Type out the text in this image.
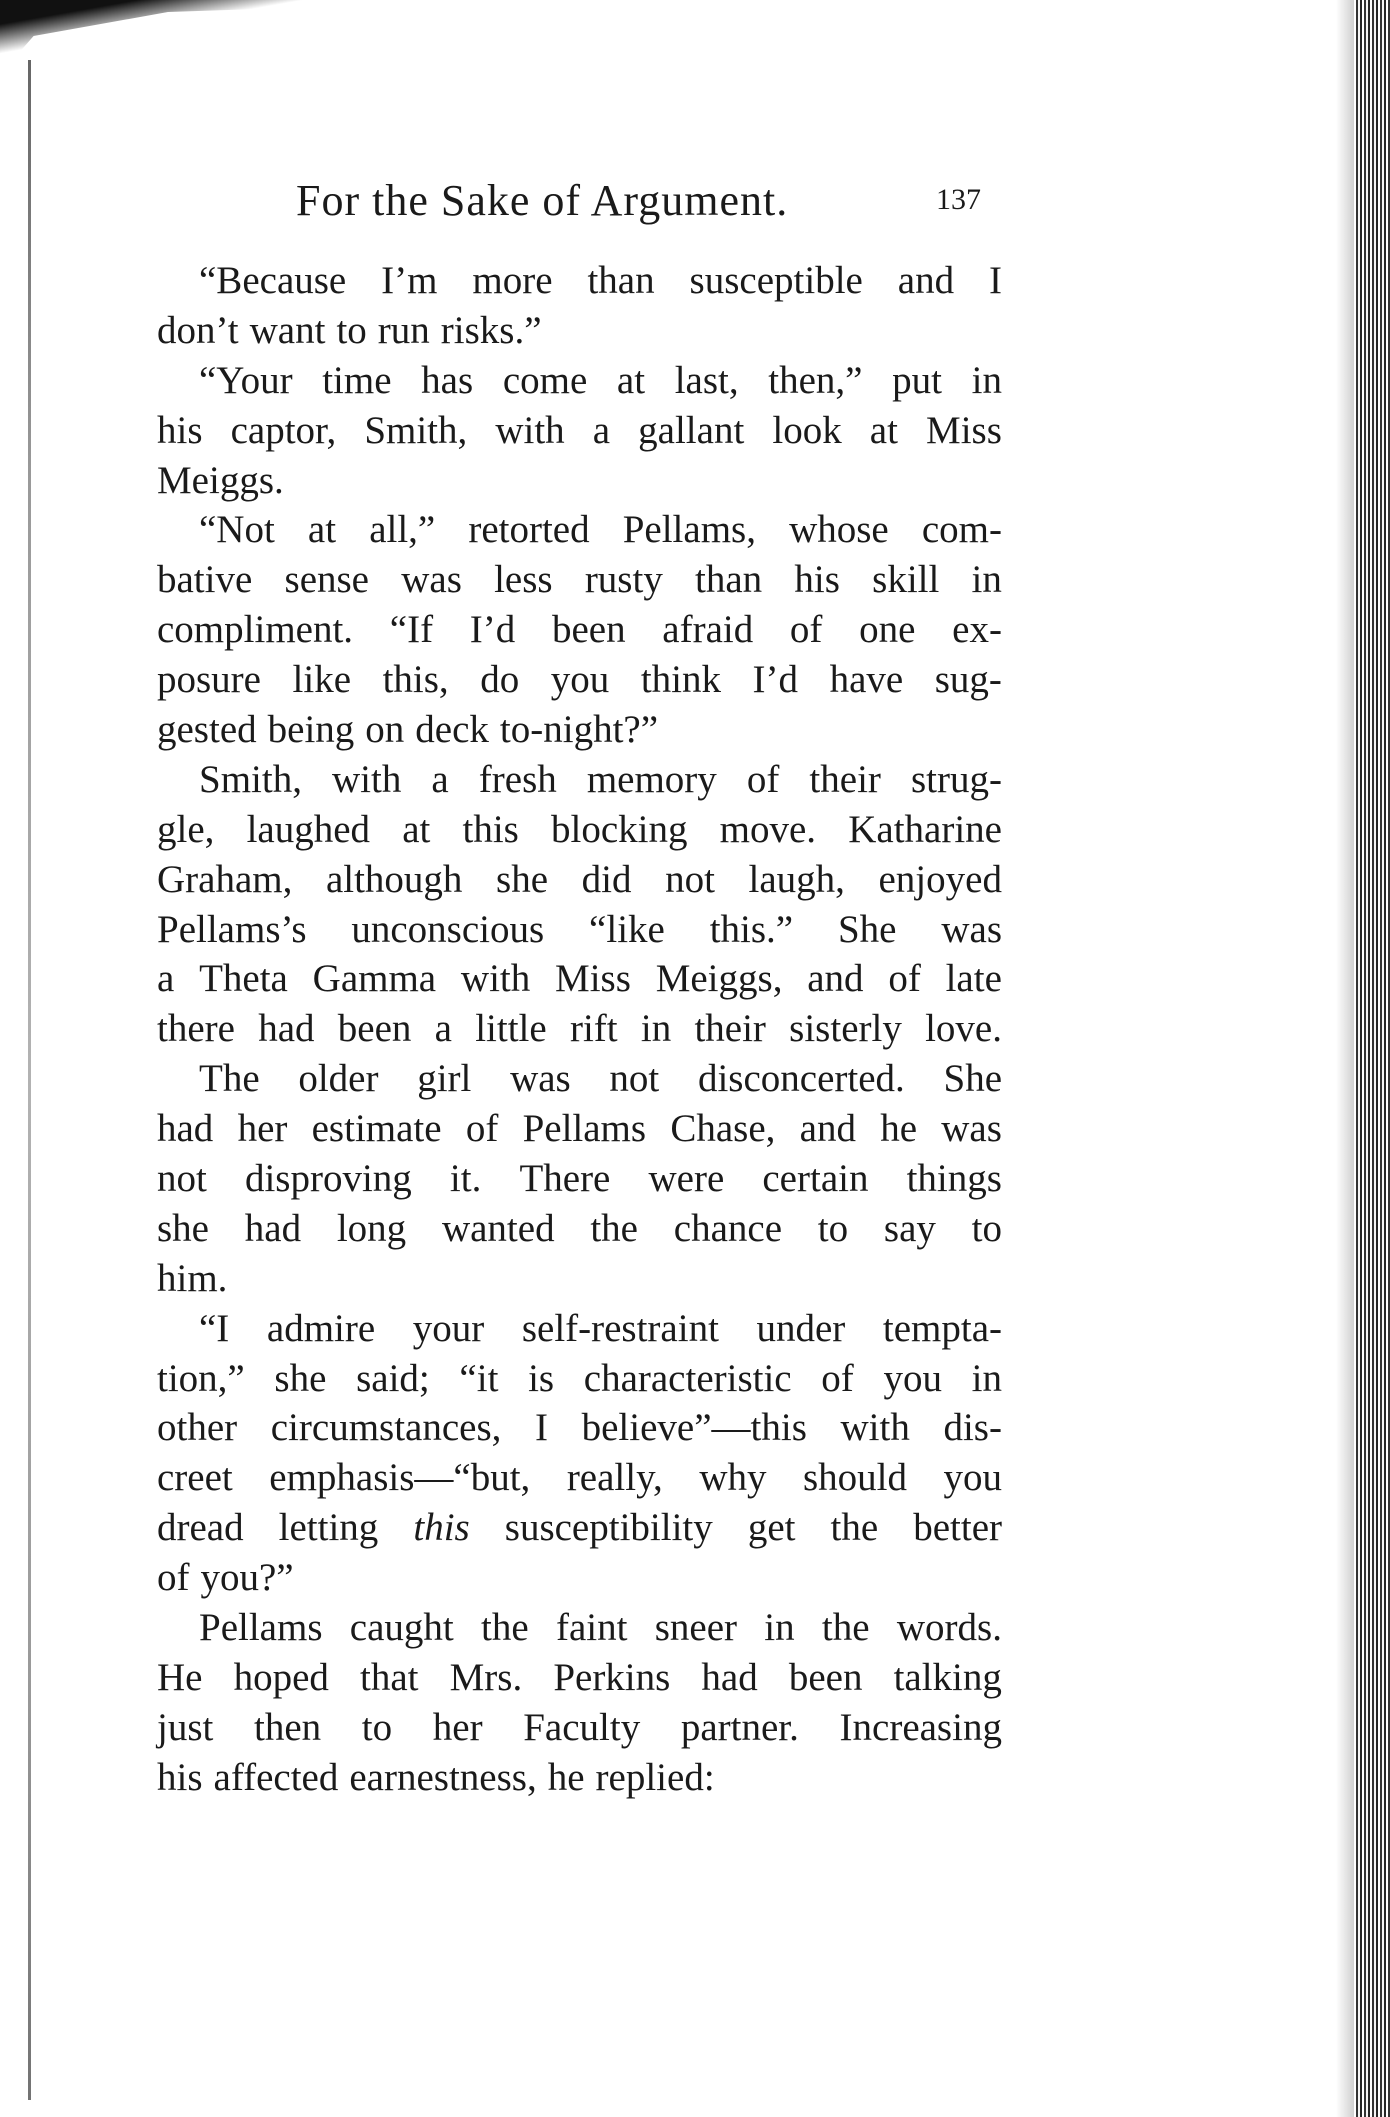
For the Sake of Argument.	137
“Because I’m more than susceptible and I
don’t want to run risks.”
“Your time has come at last, then,” put in
his captor, Smith, with a gallant look at Miss
Meiggs.
“Not at all,” retorted Pellams, whose com-
bative sense was less rusty than his skill in
compliment. “If I’d been afraid of one ex-
posure like this, do you think I’d have sug-
gested being on deck to-night?”
Smith, with a fresh memory of their strug-
gle, laughed at this blocking move. Katharine
Graham, although she did not laugh, enjoyed
Pellams’s unconscious “like this.” She was
a Theta Gamma with Miss Meiggs, and of late
there had been a little rift in their sisterly love.
The older girl was not disconcerted. She
had her estimate of Pellams Chase, and he was
not disproving it. There were certain things
she had long wanted the chance to say to
him.
“I admire your self-restraint under tempta-
tion,” she said; “it is characteristic of you in
other circumstances, I believe”—this with dis-
creet emphasis—“but, really, why should you
dread letting this susceptibility get the better
of you?”
Pellams caught the faint sneer in the words.
He hoped that Mrs. Perkins had been talking
just then to her Faculty partner. Increasing
his affected earnestness, he replied:
